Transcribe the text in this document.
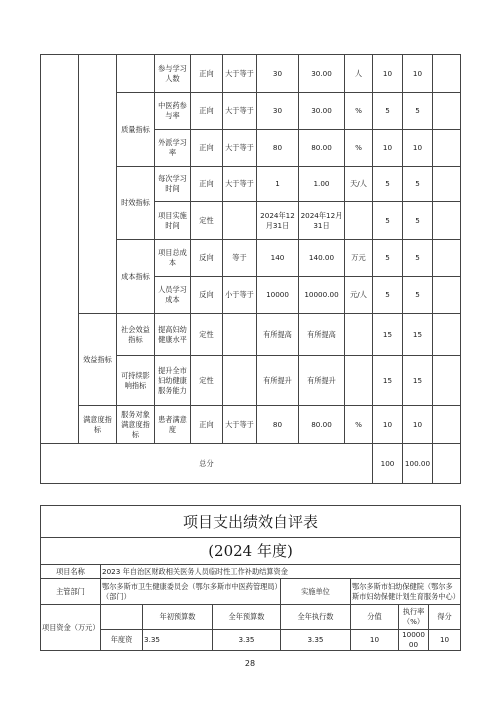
			参与学习人数	正向	大于等于	30	30.00	人	10	10	
		质量指标	中医药参与率	正向	大于等于	30	30.00	%	5	5	
			外派学习率	正向	大于等于	80	80.00	%	10	10	
		时效指标	每次学习时间	正向	大于等于	1	1.00	天/人	5	5	
			项目实施时间	定性		2024年12月31日	2024年12月31日		5	5	
		成本指标	项目总成本	反向	等于	140	140.00	万元	5	5	
			人员学习成本	反向	小于等于	10000	10000.00	元/人	5	5	
	效益指标	社会效益指标	提高妇幼健康水平	定性		有所提高	有所提高		15	15	
		可持续影响指标	提升全市妇幼健康服务能力	定性		有所提升	有所提升		15	15	
	满意度指标	服务对象满意度指标	患者满意度	正向	大于等于	80	80.00	%	10	10	
总分									100	100.00	
项目支出绩效自评表							
(2024 年度)							
项目名称	2023 年自治区财政相关医务人员临时性工作补助结算资金						
主管部门	鄂尔多斯市卫生健康委员会（鄂尔多斯市中医药管理局）（部门）			实施单位	鄂尔多斯市妇幼保健院（鄂尔多斯市妇幼保健计划生育服务中心）		
项目资金（万元）		年初预算数	全年预算数	全年执行数	分值	执行率（%）	得分
	年度资	3.35	3.35	3.35	10	1000000	10
28
